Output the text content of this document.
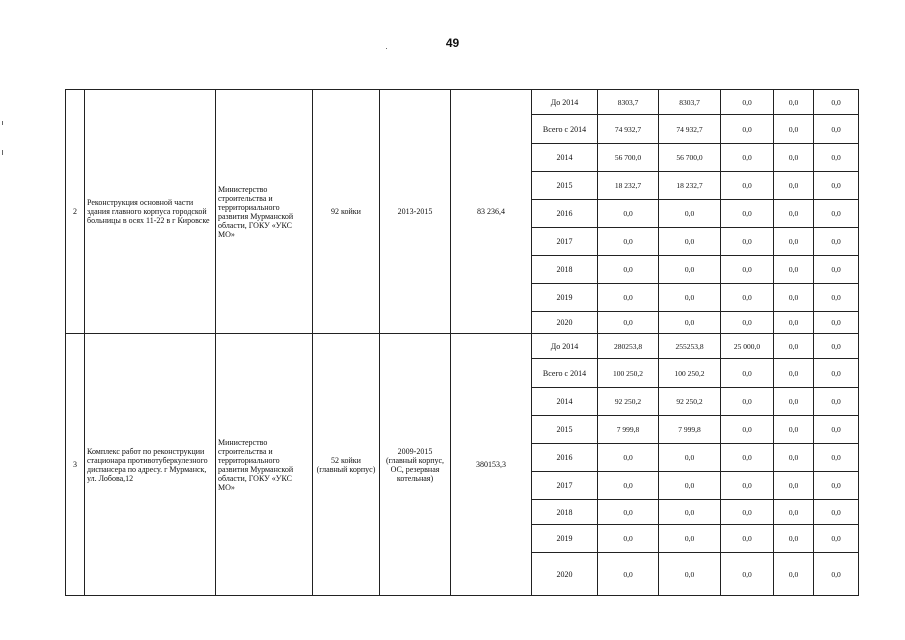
49
2	Реконструкция основной части здания главного корпуса городской больницы в осях 11-22 в г Кировске	Министерство строительства и территориального развития Мурманской области, ГОКУ «УКС МО»	92 койки	2013-2015	83 236,4	До 2014	8303,7	8303,7	0,0	0,0	0,0
						Всего с 2014	74 932,7	74 932,7	0,0	0,0	0,0
						2014	56 700,0	56 700,0	0,0	0,0	0,0
						2015	18 232,7	18 232,7	0,0	0,0	0,0
						2016	0,0	0,0	0,0	0,0	0,0
						2017	0,0	0,0	0,0	0,0	0,0
						2018	0,0	0,0	0,0	0,0	0,0
						2019	0,0	0,0	0,0	0,0	0,0
						2020	0,0	0,0	0,0	0,0	0,0
3	Комплекс работ по реконструкции стационара противотуберкулезного диспансера по адресу. г Мурманск, ул. Лобова,12	Министерство строительства и территориального развития Мурманской области, ГОКУ «УКС МО»	52 койки (главный корпус)	2009-2015 (главный корпус, ОС, резервная котельная)	380153,3	До 2014	280253,8	255253,8	25 000,0	0,0	0,0
						Всего с 2014	100 250,2	100 250,2	0,0	0,0	0,0
						2014	92 250,2	92 250,2	0,0	0,0	0,0
						2015	7 999,8	7 999,8	0,0	0,0	0,0
						2016	0,0	0,0	0,0	0,0	0,0
						2017	0,0	0,0	0,0	0,0	0,0
						2018	0,0	0,0	0,0	0,0	0,0
						2019	0,0	0,0	0,0	0,0	0,0
						2020	0,0	0,0	0,0	0,0	0,0
